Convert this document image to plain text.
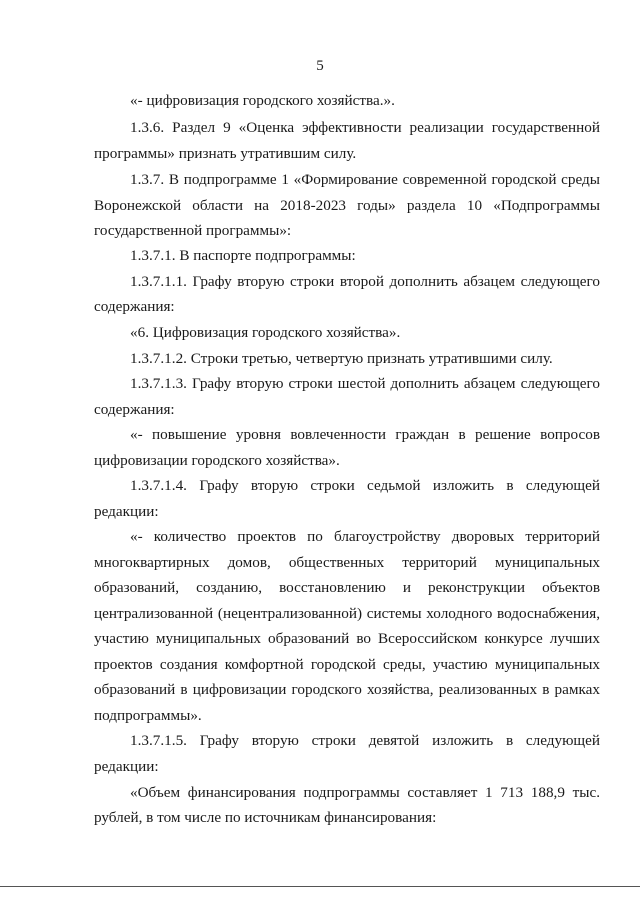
5
«- цифровизация городского хозяйства.».
1.3.6. Раздел 9 «Оценка эффективности реализации государственной
программы» признать утратившим силу.
1.3.7. В подпрограмме 1 «Формирование современной городской среды
Воронежской области на 2018-2023 годы» раздела 10 «Подпрограммы
государственной программы»:
1.3.7.1. В паспорте подпрограммы:
1.3.7.1.1. Графу вторую строки второй дополнить абзацем следующего
содержания:
«6. Цифровизация городского хозяйства».
1.3.7.1.2. Строки третью, четвертую признать утратившими силу.
1.3.7.1.3. Графу вторую строки шестой дополнить абзацем следующего
содержания:
«- повышение уровня вовлеченности граждан в решение вопросов
цифровизации городского хозяйства».
1.3.7.1.4. Графу вторую строки седьмой изложить в следующей
редакции:
«- количество проектов по благоустройству дворовых территорий
многоквартирных домов, общественных территорий муниципальных
образований, созданию, восстановлению и реконструкции объектов
централизованной (нецентрализованной) системы холодного водоснабжения,
участию муниципальных образований во Всероссийском конкурсе лучших
проектов создания комфортной городской среды, участию муниципальных
образований в цифровизации городского хозяйства, реализованных в рамках
подпрограммы».
1.3.7.1.5. Графу вторую строки девятой изложить в следующей
редакции:
«Объем финансирования подпрограммы составляет 1 713 188,9 тыс.
рублей, в том числе по источникам финансирования:
